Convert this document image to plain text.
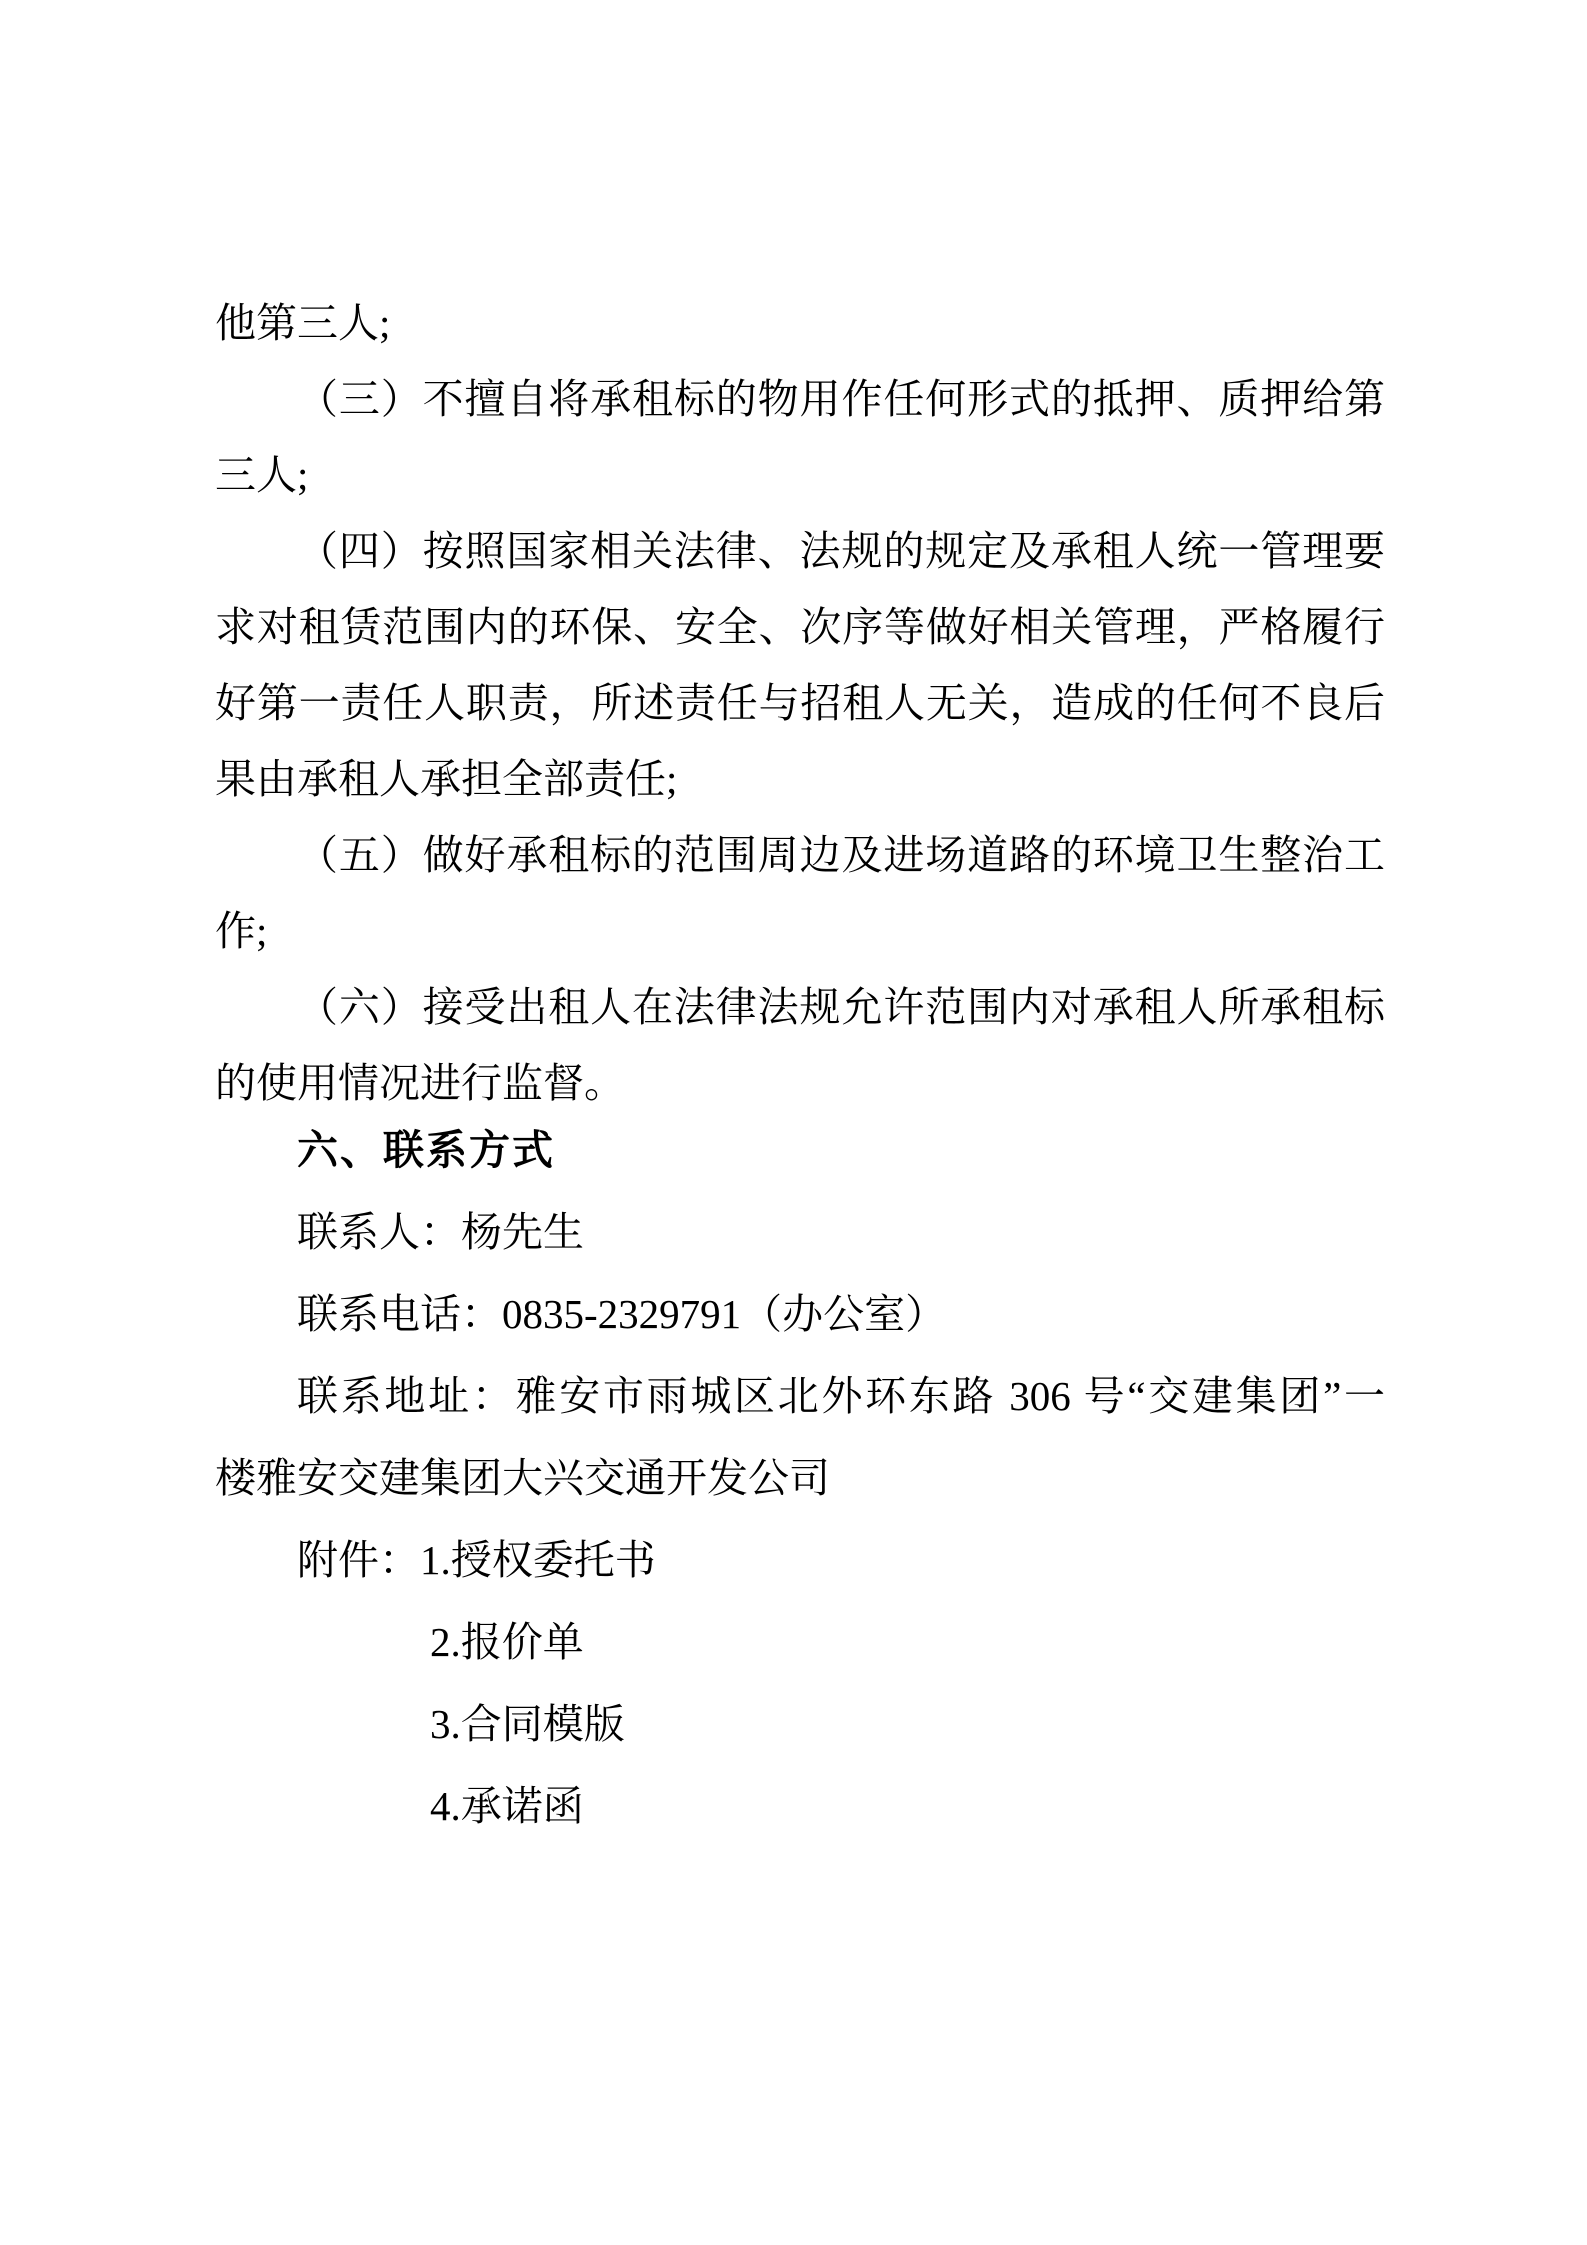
他第三人;
（三）不擅自将承租标的物用作任何形式的抵押、质押给第
三人;
（四）按照国家相关法律、法规的规定及承租人统一管理要
求对租赁范围内的环保、安全、次序等做好相关管理，严格履行
好第一责任人职责，所述责任与招租人无关，造成的任何不良后
果由承租人承担全部责任;
（五）做好承租标的范围周边及进场道路的环境卫生整治工
作;
（六）接受出租人在法律法规允许范围内对承租人所承租标
的使用情况进行监督。
六、联系方式
联系人：杨先生
联系电话：0835-2329791（办公室）
联系地址：雅安市雨城区北外环东路 306 号“交建集团”一
楼雅安交建集团大兴交通开发公司
附件：1.授权委托书
2.报价单
3.合同模版
4.承诺函
